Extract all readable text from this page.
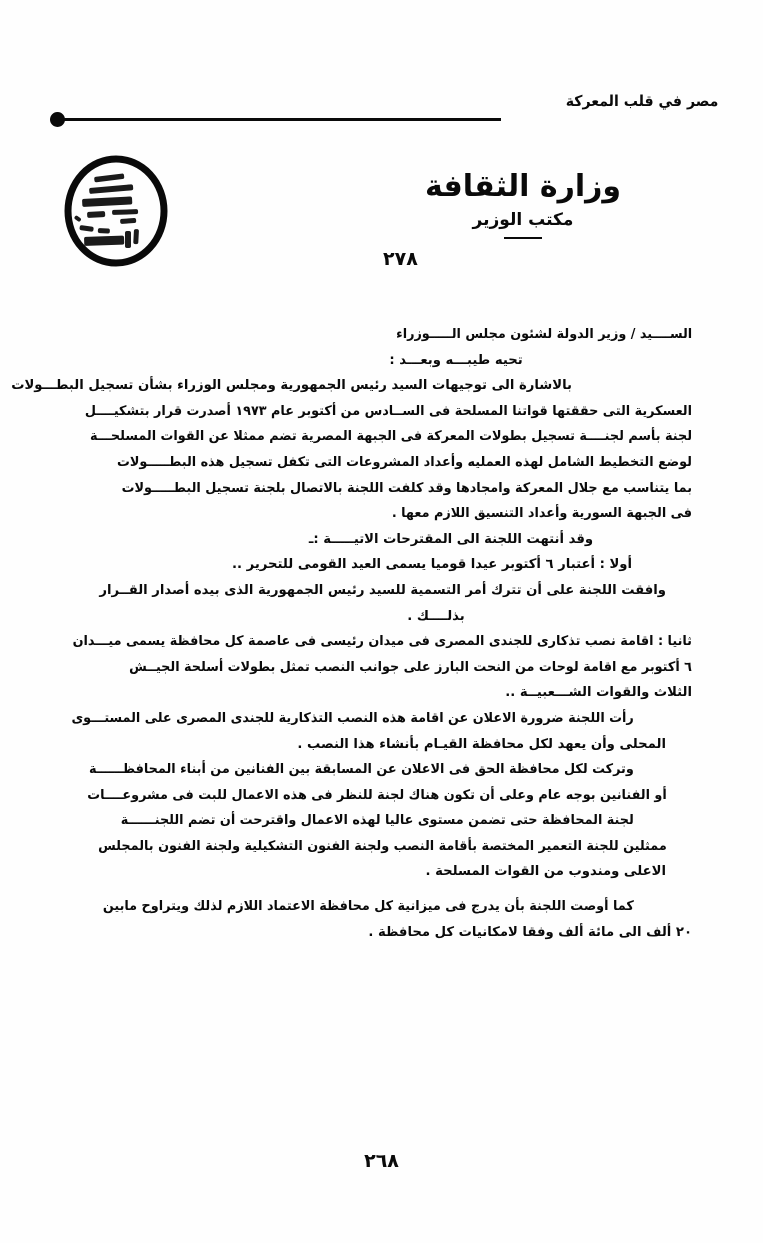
مصر في قلب المعركة
وزارة الثقافة
مكتب الوزير
٢٧٨
الســــيد / وزير الدولة لشئون مجلس الـــــوزراء
تحيه طيبـــه وبعـــد :
بالاشارة الى توجيهات السيد رئيس الجمهورية ومجلس الوزراء بشأن تسجيل البطـــولات
العسكرية التى حققتها قواتنا المسلحة فى الســادس من أكتوبر عام ١٩٧٣ أصدرت قرار بتشكيــــل
لجنة بأسم لجنــــة تسجيل بطولات المعركة فى الجبهة المصرية تضم ممثلا عن القوات المسلحـــة
لوضع التخطيط الشامل لهذه العمليه وأعداد المشروعات التى تكفل تسجيل هذه البطـــــولات
بما يتناسب مع جلال المعركة وامجادها وقد كلفت اللجنة بالاتصال بلجنة تسجيل البطـــــولات
فى الجبهة السورية وأعداد التنسيق اللازم معها .
وقد أنتهت اللجنة الى المقترحات الاتيـــــة :ـ
أولا : أعتبار ٦ أكتوبر عيدا قوميا يسمى العيد القومى للتحرير ..
وافقت اللجنة على أن تترك أمر التسمية للسيد رئيس الجمهورية الذى بيده أصدار القــرار
بذلــــك .
ثانيا : اقامة نصب تذكارى للجندى المصرى فى ميدان رئيسى فى عاصمة كل محافظة يسمى ميـــدان
٦ أكتوبر مع اقامة لوحات من النحت البارز على جوانب النصب تمثل بطولات أسلحة الجيــش
الثلاث والقوات الشـــعبيــة ..
رأت اللجنة ضرورة الاعلان عن اقامة هذه النصب التذكارية للجندى المصرى على المستـــوى
المحلى وأن يعهد لكل محافظة القيـام بأنشاء هذا النصب .
وتركت لكل محافظة الحق فى الاعلان عن المسابقة بين الفنانين من أبناء المحافظــــــة
أو الفنانين بوجه عام وعلى أن تكون هناك لجنة للنظر فى هذه الاعمال للبت فى مشروعــــات
لجنة المحافظة حتى تضمن مستوى عاليا لهذه الاعمال واقترحت أن تضم اللجنــــــة
ممثلين للجنة التعمير المختصة بأقامة النصب ولجنة الفنون التشكيلية ولجنة الفنون بالمجلس
الاعلى ومندوب من القوات المسلحة .
كما أوصت اللجنة بأن يدرج فى ميزانية كل محافظة الاعتماد اللازم لذلك ويتراوح مابين
٢٠ ألف الى مائة ألف وفقا لامكانيات كل محافظة .
٢٦٨
